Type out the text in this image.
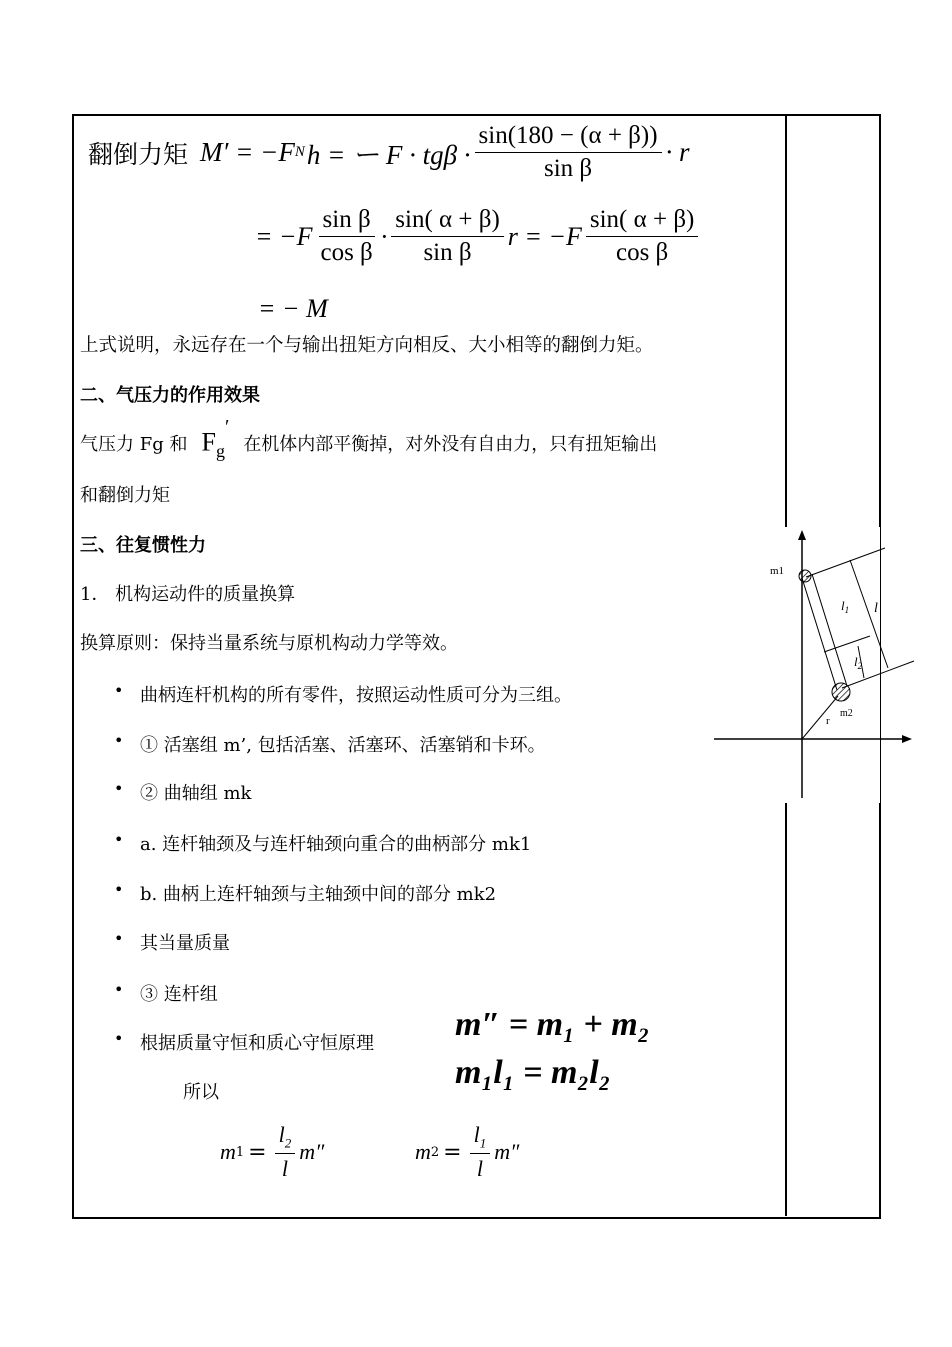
翻倒力矩 M′ = −F N h = ー $F \cdot tg\beta \cdot \frac{\sin(180 - (\alpha + \beta))}{\text{sin β}} \cdot r$
= $-F \frac{\text{sin β}}{\text{cos β}} \cdot \frac{\sin( \alpha + \beta)}{\text{sin β}}$ $r = -F \frac{\sin( \alpha + \beta)}{\text{cos β}}$
= − M
上式说明，永远存在一个与输出扭矩方向相反、大小相等的翻倒力矩。
二、气压力的作用效果
气压力 Fg 和 $F_g'$
在机体内部平衡掉，对外没有自由力，只有扭矩输出
和翻倒力矩
三、往复惯性力
1． 机构运动件的质量换算
换算原则：保持当量系统与原机构动力学等效。
• 曲柄连杆机构的所有零件，按照运动性质可分为三组。
• ① 活塞组 m’, 包括活塞、活塞环、活塞销和卡环。
• ② 曲轴组 mk
• a. 连杆轴颈及与连杆轴颈向重合的曲柄部分 mk1
• b. 曲柄上连杆轴颈与主轴颈中间的部分 mk2
• 其当量质量
• ③ 连杆组
• 根据质量守恒和质心守恒原理
m″ = m₁ + m₂
m₁l₁ = m₂l₂
所以
m $1 = \frac{l_2}{l} m''$	m $2 = \frac{l_1}{l} m''$
m1
$l_1$ l
$l_2$
m2
r
